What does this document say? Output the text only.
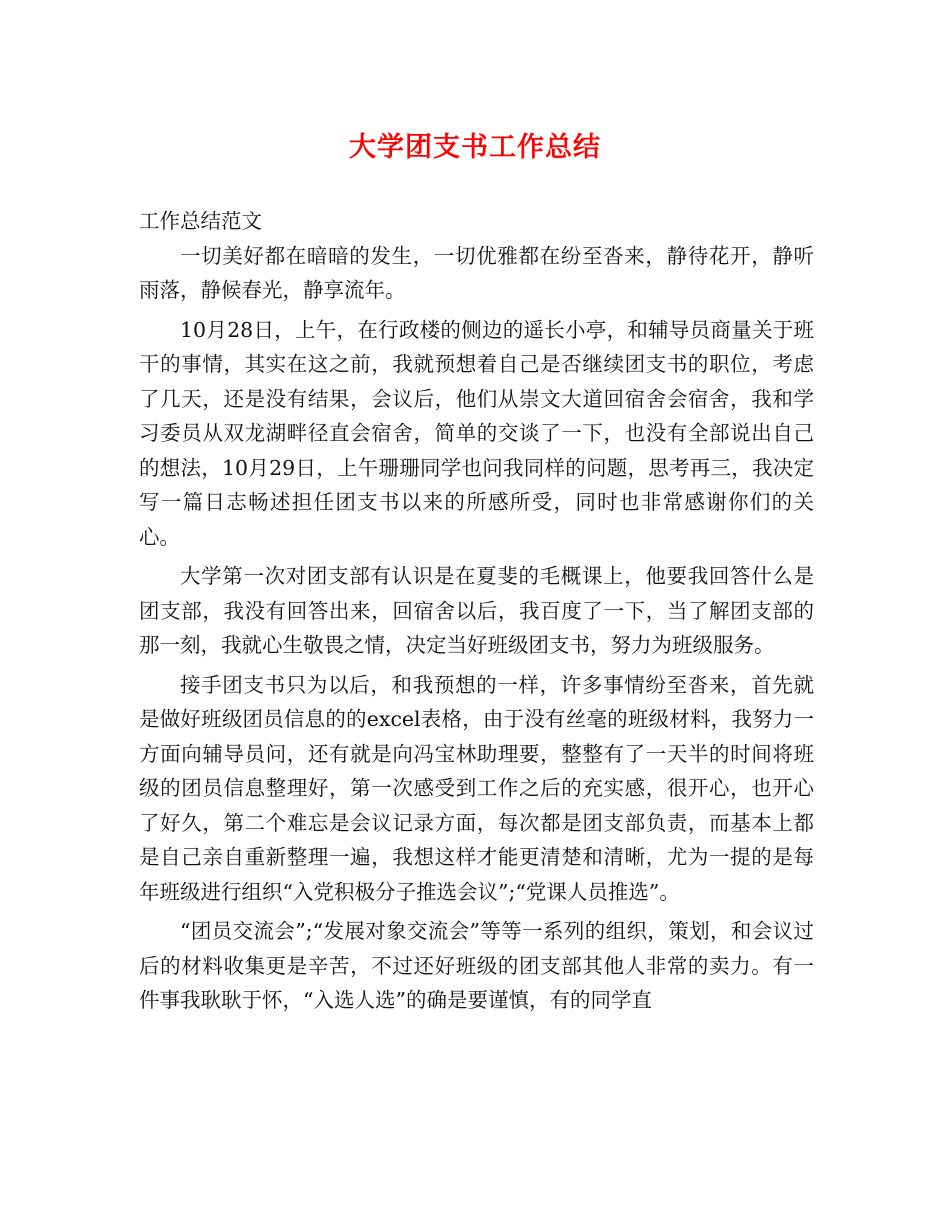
大学团支书工作总结

工作总结范文

一切美好都在暗暗的发生，一切优雅都在纷至沓来，静待花开，静听雨落，静候春光，静享流年。

10月28日，上午，在行政楼的侧边的遥长小亭，和辅导员商量关于班干的事情，其实在这之前，我就预想着自己是否继续团支书的职位，考虑了几天，还是没有结果，会议后，他们从崇文大道回宿舍会宿舍，我和学习委员从双龙湖畔径直会宿舍，简单的交谈了一下，也没有全部说出自己的想法，10月29日，上午珊珊同学也问我同样的问题，思考再三，我决定写一篇日志畅述担任团支书以来的所感所受，同时也非常感谢你们的关心。

大学第一次对团支部有认识是在夏斐的毛概课上，他要我回答什么是团支部，我没有回答出来，回宿舍以后，我百度了一下，当了解团支部的那一刻，我就心生敬畏之情，决定当好班级团支书，努力为班级服务。

接手团支书只为以后，和我预想的一样，许多事情纷至沓来，首先就是做好班级团员信息的的excel表格，由于没有丝毫的班级材料，我努力一方面向辅导员问，还有就是向冯宝林助理要，整整有了一天半的时间将班级的团员信息整理好，第一次感受到工作之后的充实感，很开心，也开心了好久，第二个难忘是会议记录方面，每次都是团支部负责，而基本上都是自己亲自重新整理一遍，我想这样才能更清楚和清晰，尤为一提的是每年班级进行组织“入党积极分子推选会议”;“党课人员推选”。

“团员交流会”;“发展对象交流会”等等一系列的组织，策划，和会议过后的材料收集更是辛苦，不过还好班级的团支部其他人非常的卖力。有一件事我耿耿于怀，“入选人选”的确是要谨慎，有的同学直
